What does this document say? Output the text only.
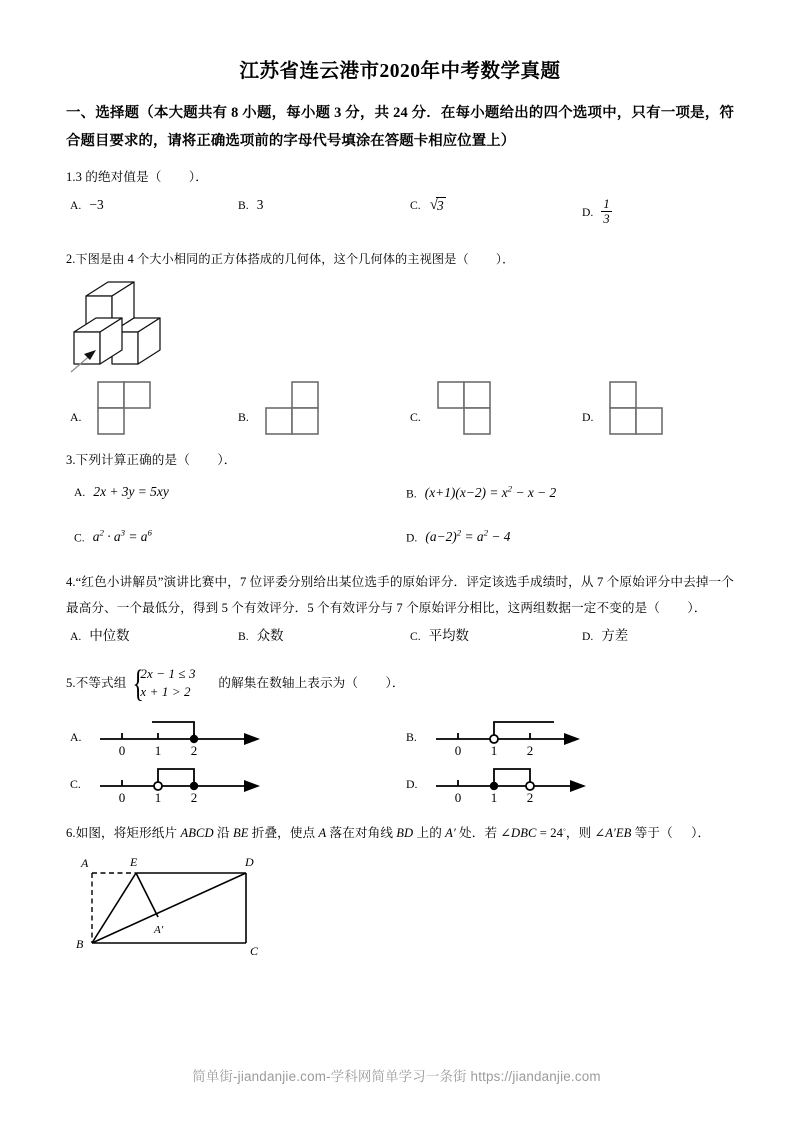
江苏省连云港市2020年中考数学真题
一、选择题（本大题共有 8 小题，每小题 3 分，共 24 分．在每小题给出的四个选项中，只有一项是，符合题目要求的，请将正确选项前的字母代号填涂在答题卡相应位置上）
1.3 的绝对值是（ ）．
A. −3	B. 3	C. √3	D. $\frac{1}{3}$
2.下图是由 4 个大小相同的正方体搭成的几何体，这个几何体的主视图是（ ）．
A.	B.	C.	D.
3.下列计算正确的是（ ）．
A. 2x + 3y = 5xy	B. $(x+1)(x-2) = x^2 - x - 2$
C. $a^2 \cdot a^3 = a^6$	D. $(a-2)^2 = a^2 - 4$
4.“红色小讲解员”演讲比赛中，7 位评委分别给出某位选手的原始评分．评定该选手成绩时，从 7 个原始评分中去掉一个最高分、一个最低分，得到 5 个有效评分．5 个有效评分与 7 个原始评分相比，这两组数据一定不变的是（ ）．
A. 中位数	B. 众数	C. 平均数	D. 方差
5.不等式组 {
2x − 1 ≤ 3
x + 1 > 2
的解集在数轴上表示为（ ）．
A.
0 1 2
B.
0 1 2
C.
0 1 2
D.
0 1 2
6.如图，将矩形纸片 ABCD 沿 BE 折叠，使点 A 落在对角线 BD 上的 A′ 处．若 ∠DBC = 24◦，则 ∠A′EB 等于（ ）．
A	E	D
B
A′
C
简单街-jiandanjie.com-学科网简单学习一条街 https://jiandanjie.com
